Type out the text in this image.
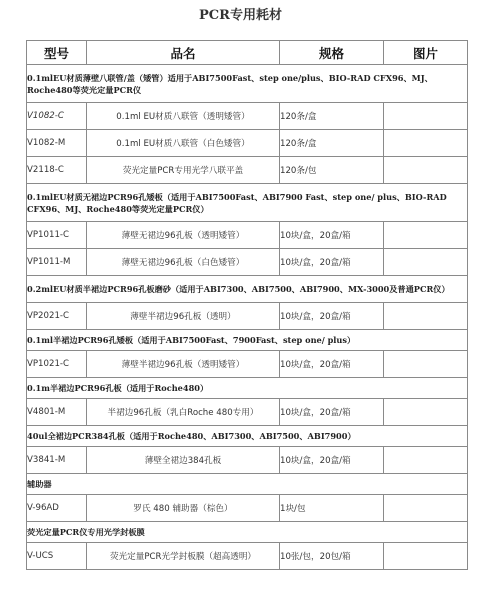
PCR专用耗材
型号	品名	规格	图片
0.1mlEU材质薄壁八联管/盖（矮管）适用于ABI7500Fast、step one/plus、BIO-RAD CFX96、MJ、Roche480等荧光定量PCR仪			
V1082-C	0.1ml EU材质八联管（透明矮管）	120条/盒	
V1082-M	0.1ml EU材质八联管（白色矮管）	120条/盒	
V2118-C	荧光定量PCR专用光学八联平盖	120条/包	
0.1mlEU材质无裙边PCR96孔矮板（适用于ABI7500Fast、ABI7900 Fast、step one/ plus、BIO-RAD CFX96、MJ、Roche480等荧光定量PCR仪）			
VP1011-C	薄壁无裙边96孔板（透明矮管）	10块/盒，20盒/箱	
VP1011-M	薄壁无裙边96孔板（白色矮管）	10块/盒，20盒/箱	
0.2mlEU材质半裙边PCR96孔板磨砂（适用于ABI7300、ABI7500、ABI7900、MX-3000及普通PCR仪）			
VP2021-C	薄壁半裙边96孔板（透明）	10块/盒，20盒/箱	
0.1ml半裙边PCR96孔矮板（适用于ABI7500Fast、7900Fast、step one/ plus）			
VP1021-C	薄壁半裙边96孔板（透明矮管）	10块/盒，20盒/箱	
0.1m半裙边PCR96孔板（适用于Roche480）			
V4801-M	半裙边96孔板（乳白Roche 480专用）	10块/盒，20盒/箱	
40ul全裙边PCR384孔板（适用于Roche480、ABI7300、ABI7500、ABI7900）			
V3841-M	薄壁全裙边384孔板	10块/盒，20盒/箱	
辅助器			
V-96AD	罗氏 480 辅助器（棕色）	1块/包	
荧光定量PCR仪专用光学封板膜			
V-UCS	荧光定量PCR光学封板膜（超高透明）	10张/包，20包/箱	
